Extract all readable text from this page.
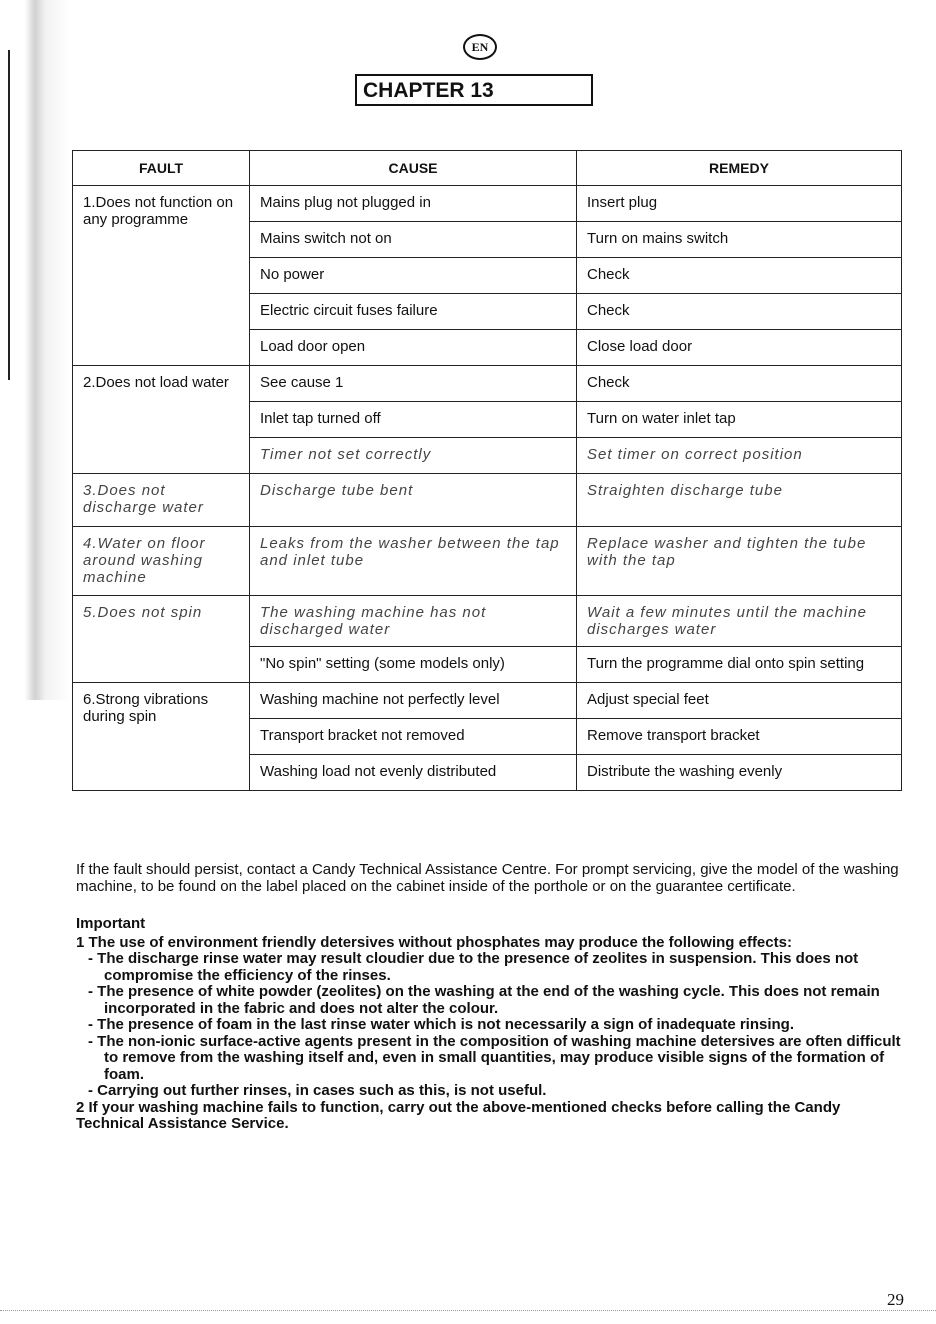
EN
CHAPTER 13
FAULT	CAUSE	REMEDY
1.Does not function on any programme	Mains plug not plugged in	Insert plug
	Mains switch not on	Turn on mains switch
	No power	Check
	Electric circuit fuses failure	Check
	Load door open	Close load door
2.Does not load water	See cause 1	Check
	Inlet tap turned off	Turn on water inlet tap
	Timer not set correctly	Set timer on correct position
3.Does not discharge water	Discharge tube bent	Straighten discharge tube
4.Water on floor around washing machine	Leaks from the washer between the tap and inlet tube	Replace washer and tighten the tube with the tap
5.Does not spin	The washing machine has not discharged water	Wait a few minutes until the machine discharges water
	"No spin" setting (some models only)	Turn the programme dial onto spin setting
6.Strong vibrations during spin	Washing machine not perfectly level	Adjust special feet
	Transport bracket not removed	Remove transport bracket
	Washing load not evenly distributed	Distribute the washing evenly

If the fault should persist, contact a Candy Technical Assistance Centre. For prompt servicing, give the model of the washing machine, to be found on the label placed on the cabinet inside of the porthole or on the guarantee certificate.

Important

1 The use of environment friendly detersives without phosphates may produce the following effects:

- The discharge rinse water may result cloudier due to the presence of zeolites in suspension. This does not compromise the efficiency of the rinses.

- The presence of white powder (zeolites) on the washing at the end of the washing cycle. This does not remain incorporated in the fabric and does not alter the colour.

- The presence of foam in the last rinse water which is not necessarily a sign of inadequate rinsing.

- The non-ionic surface-active agents present in the composition of washing machine detersives are often difficult to remove from the washing itself and, even in small quantities, may produce visible signs of the formation of foam.

- Carrying out further rinses, in cases such as this, is not useful.

2 If your washing machine fails to function, carry out the above-mentioned checks before calling the Candy Technical Assistance Service.

29
